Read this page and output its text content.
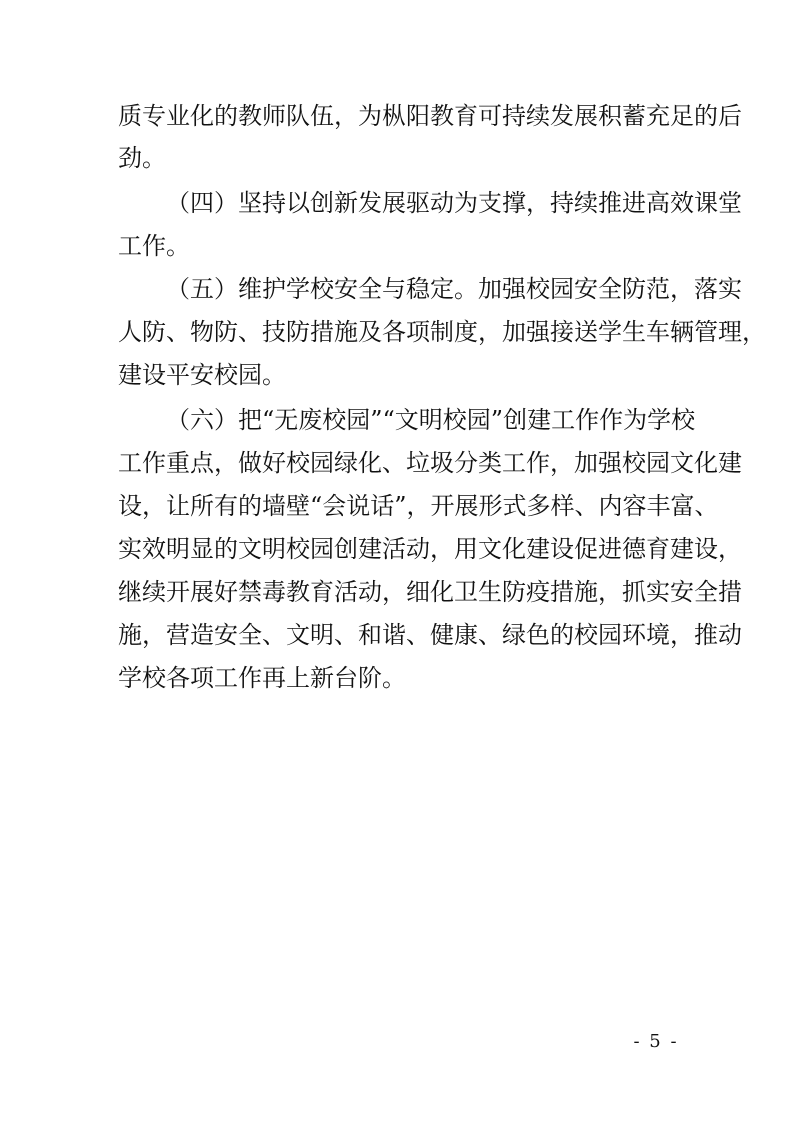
质专业化的教师队伍，为枞阳教育可持续发展积蓄充足的后
劲。
（四）坚持以创新发展驱动为支撑，持续推进高效课堂
工作。
（五）维护学校安全与稳定。加强校园安全防范，落实
人防、物防、技防措施及各项制度，加强接送学生车辆管理，
建设平安校园。
（六）把“无废校园”“文明校园”创建工作作为学校
工作重点，做好校园绿化、垃圾分类工作，加强校园文化建
设，让所有的墙壁“会说话”，开展形式多样、内容丰富、
实效明显的文明校园创建活动，用文化建设促进德育建设，
继续开展好禁毒教育活动，细化卫生防疫措施，抓实安全措
施，营造安全、文明、和谐、健康、绿色的校园环境，推动
学校各项工作再上新台阶。
- 5 -
